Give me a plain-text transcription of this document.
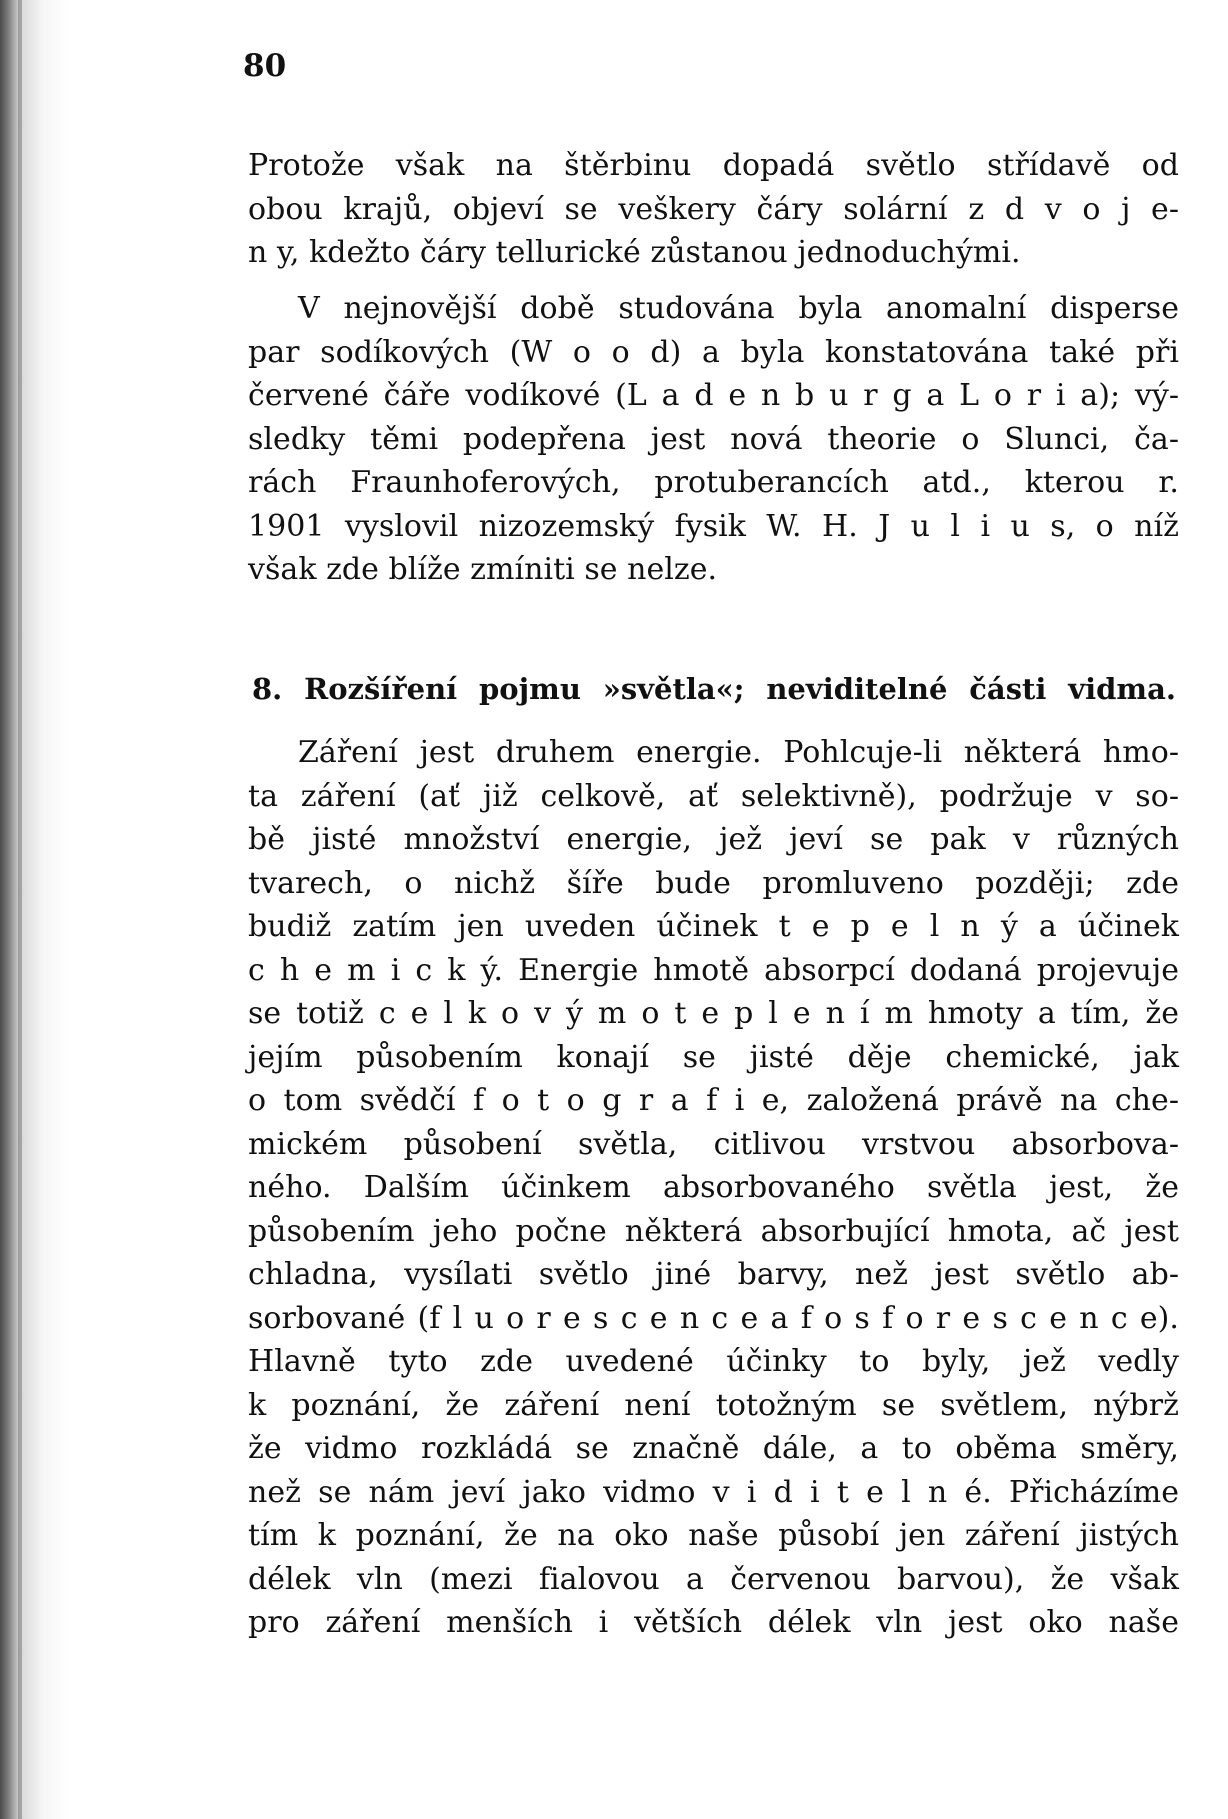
80

Protože však na štěrbinu dopadá světlo střídavě od
obou krajů, objeví se veškery čáry solární z d v o j e-
n y, kdežto čáry tellurické zůstanou jednoduchými.

V nejnovější době studována byla anomalní disperse
par sodíkových (W o o d) a byla konstatována také při
červené čáře vodíkové (L a d e n b u r g a L o r i a); vý-
sledky těmi podepřena jest nová theorie o Slunci, ča-
rách Fraunhoferových, protuberancích atd., kterou r.
1901 vyslovil nizozemský fysik W. H. J u l i u s, o níž
však zde blíže zmíniti se nelze.

8. Rozšíření pojmu »světla«; neviditelné části vidma.

Záření jest druhem energie. Pohlcuje-li některá hmo-
ta záření (ať již celkově, ať selektivně), podržuje v so-
bě jisté množství energie, jež jeví se pak v různých
tvarech, o nichž šíře bude promluveno později; zde
budiž zatím jen uveden účinek t e p e l n ý a účinek
c h e m i c k ý. Energie hmotě absorpcí dodaná projevuje
se totiž c e l k o v ý m o t e p l e n í m hmoty a tím, že
jejím působením konají se jisté děje chemické, jak
o tom svědčí f o t o g r a f i e, založená právě na che-
mickém působení světla, citlivou vrstvou absorbova-
ného. Dalším účinkem absorbovaného světla jest, že
působením jeho počne některá absorbující hmota, ač jest
chladna, vysílati světlo jiné barvy, než jest světlo ab-
sorbované (f l u o r e s c e n c e a f o s f o r e s c e n c e).
Hlavně tyto zde uvedené účinky to byly, jež vedly
k poznání, že záření není totožným se světlem, nýbrž
že vidmo rozkládá se značně dále, a to oběma směry,
než se nám jeví jako vidmo v i d i t e l n é. Přicházíme
tím k poznání, že na oko naše působí jen záření jistých
délek vln (mezi fialovou a červenou barvou), že však
pro záření menších i větších délek vln jest oko naše
